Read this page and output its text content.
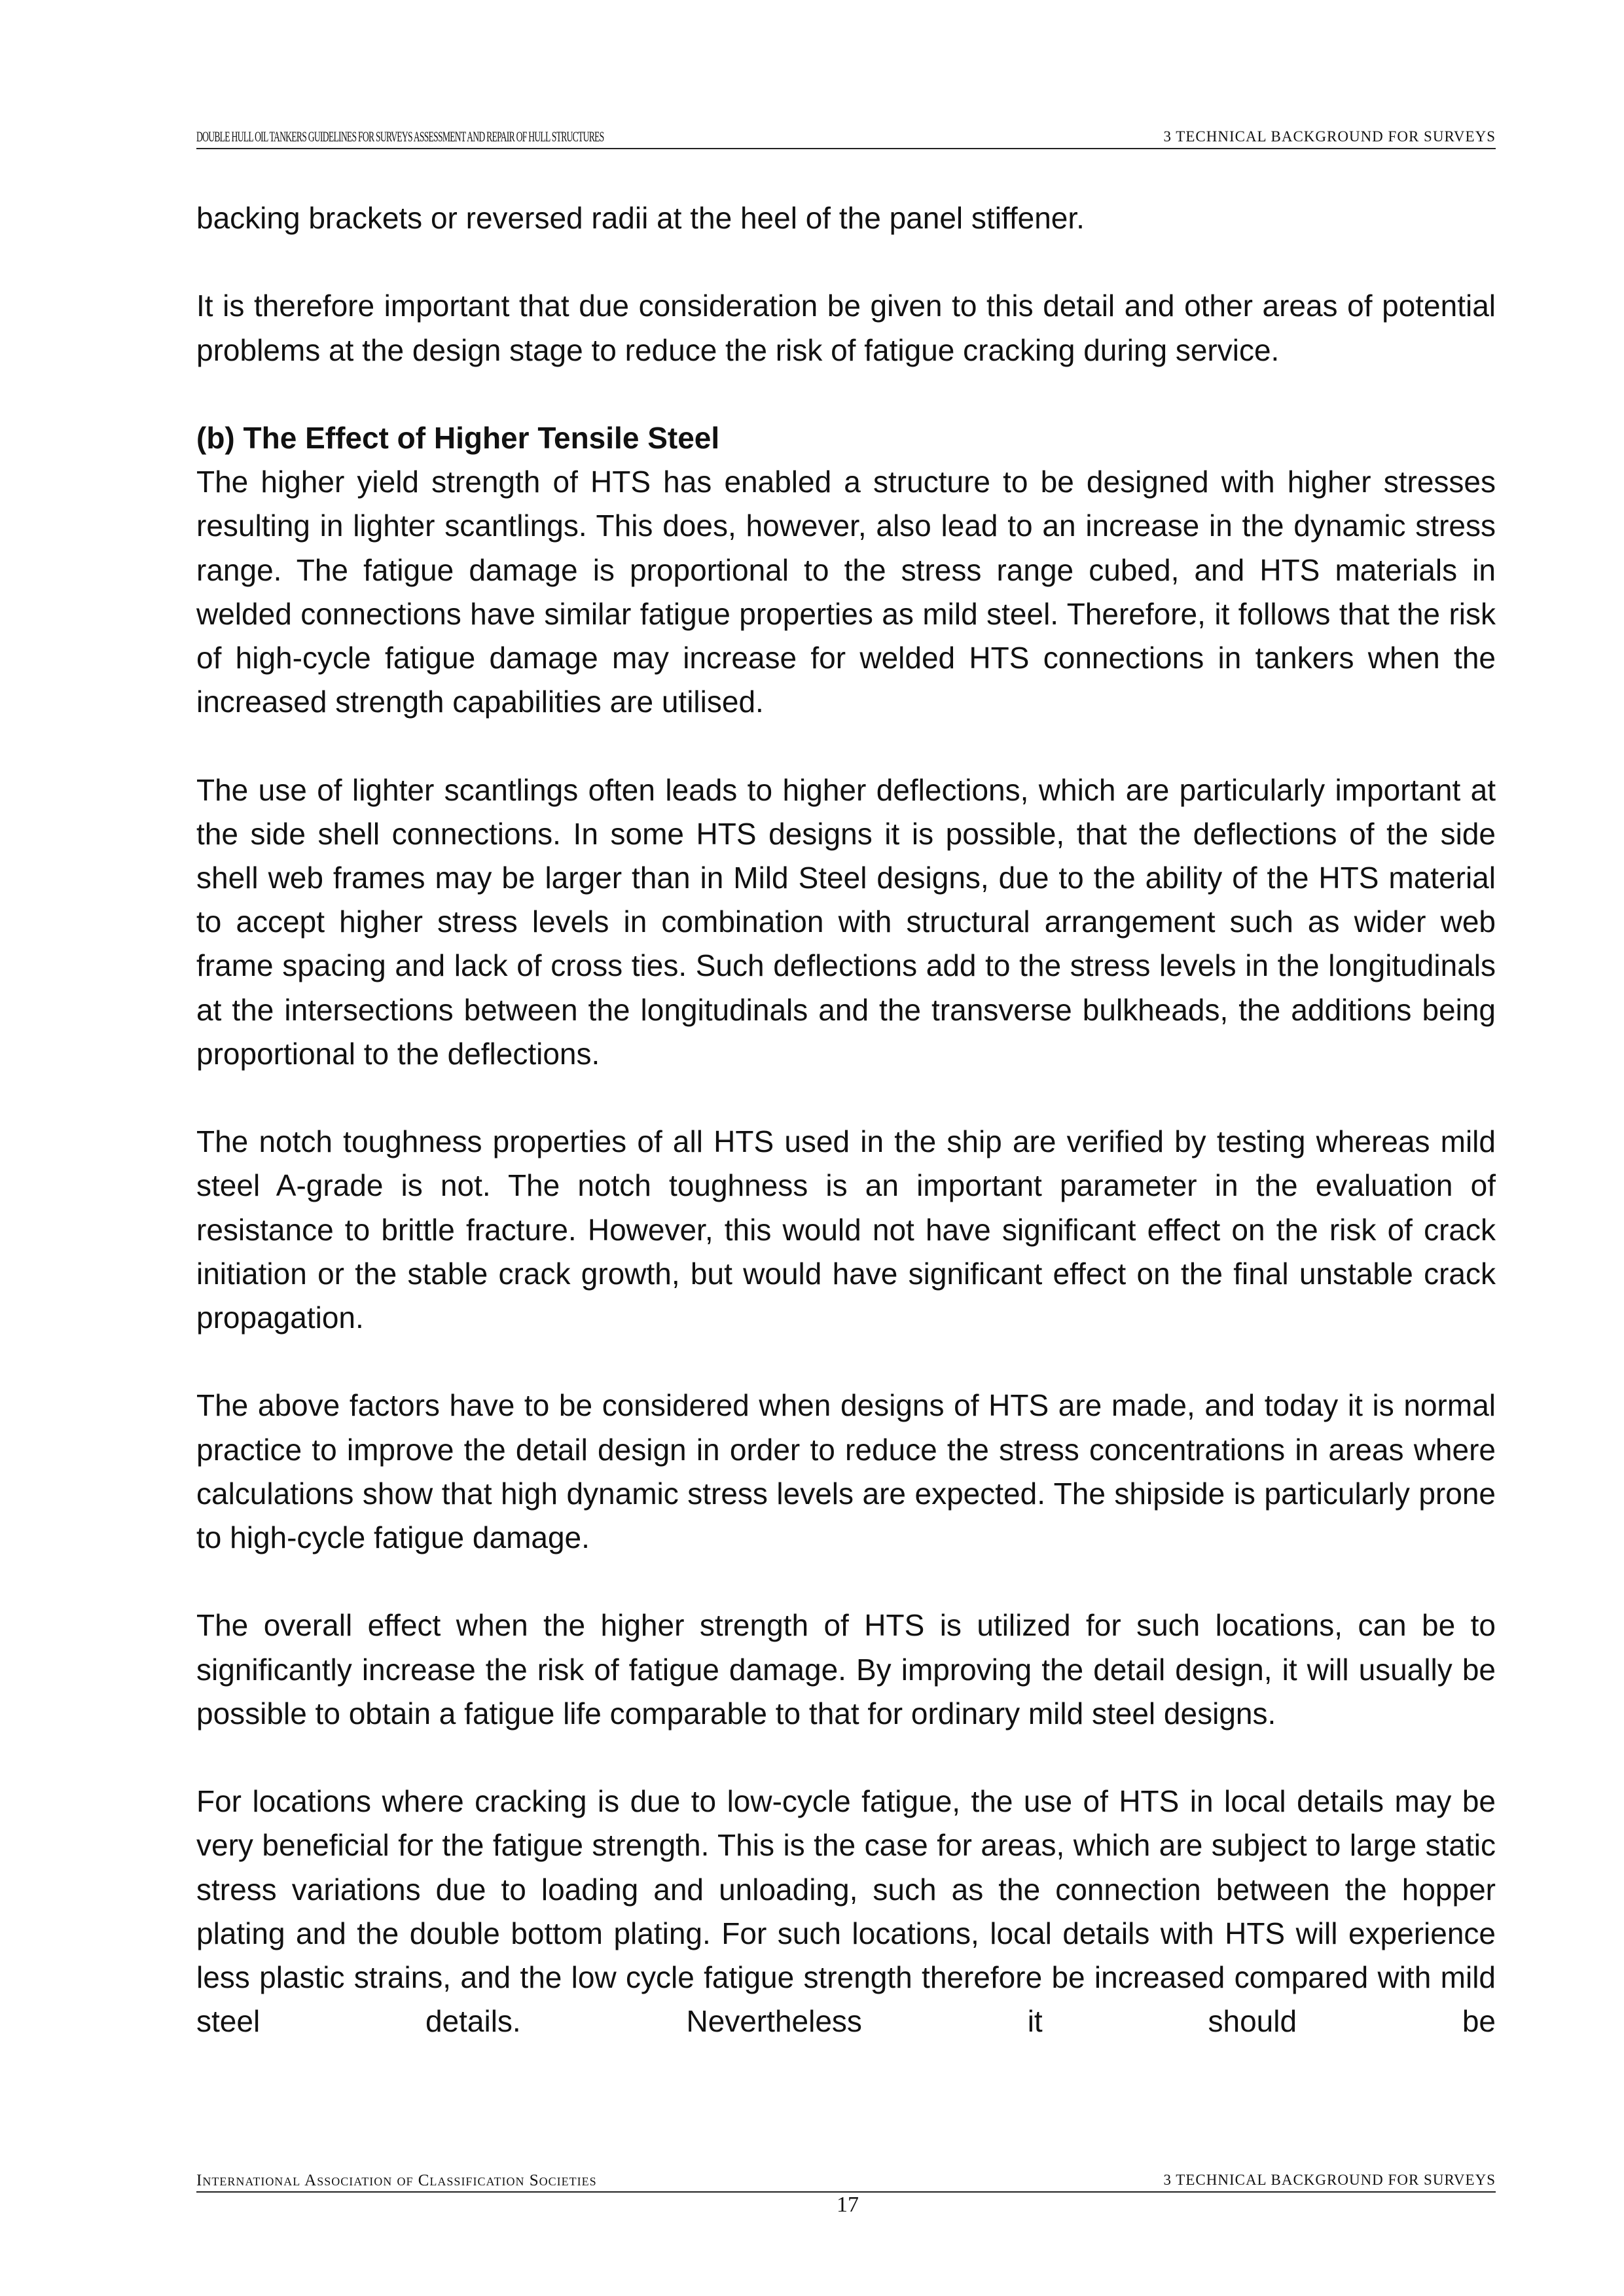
DOUBLE HULL OIL TANKERS GUIDELINES FOR SURVEYS ASSESSMENT AND REPAIR OF HULL STRUCTURES	3 TECHNICAL BACKGROUND FOR SURVEYS

backing brackets or reversed radii at the heel of the panel stiffener.

It is therefore important that due consideration be given to this detail and other areas of potential problems at the design stage to reduce the risk of fatigue cracking during service.

(b) The Effect of Higher Tensile Steel

The higher yield strength of HTS has enabled a structure to be designed with higher stresses resulting in lighter scantlings. This does, however, also lead to an increase in the dynamic stress range. The fatigue damage is proportional to the stress range cubed, and HTS materials in welded connections have similar fatigue properties as mild steel. Therefore, it follows that the risk of high-cycle fatigue damage may increase for welded HTS connections in tankers when the increased strength capabilities are utilised.

The use of lighter scantlings often leads to higher deflections, which are particularly important at the side shell connections. In some HTS designs it is possible, that the deflections of the side shell web frames may be larger than in Mild Steel designs, due to the ability of the HTS material to accept higher stress levels in combination with structural arrangement such as wider web frame spacing and lack of cross ties. Such deflections add to the stress levels in the longitudinals at the intersections between the longitudinals and the transverse bulkheads, the additions being proportional to the deflections.

The notch toughness properties of all HTS used in the ship are verified by testing whereas mild steel A-grade is not. The notch toughness is an important parameter in the evaluation of resistance to brittle fracture. However, this would not have significant effect on the risk of crack initiation or the stable crack growth, but would have significant effect on the final unstable crack propagation.

The above factors have to be considered when designs of HTS are made, and today it is normal practice to improve the detail design in order to reduce the stress concentrations in areas where calculations show that high dynamic stress levels are expected. The shipside is particularly prone to high-cycle fatigue damage.

The overall effect when the higher strength of HTS is utilized for such locations, can be to significantly increase the risk of fatigue damage. By improving the detail design, it will usually be possible to obtain a fatigue life comparable to that for ordinary mild steel designs.

For locations where cracking is due to low-cycle fatigue, the use of HTS in local details may be very beneficial for the fatigue strength. This is the case for areas, which are subject to large static stress variations due to loading and unloading, such as the connection between the hopper plating and the double bottom plating. For such locations, local details with HTS will experience less plastic strains, and the low cycle fatigue strength therefore be increased compared with mild steel details. Nevertheless it should be

International Association of Classification Societies	3 TECHNICAL BACKGROUND FOR SURVEYS
17
